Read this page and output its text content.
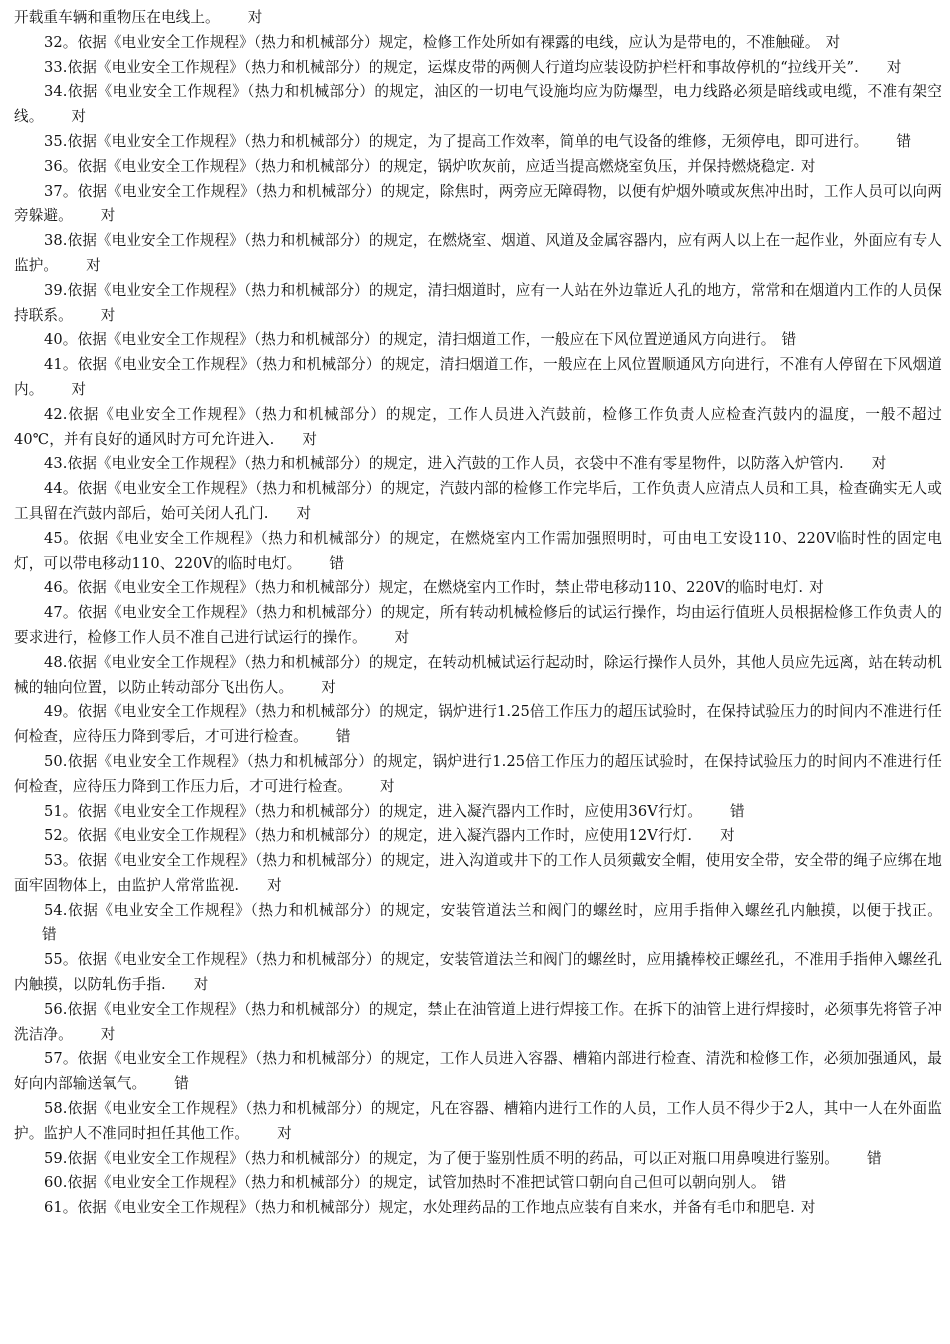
开载重车辆和重物压在电线上。 对

32。依据《电业安全工作规程》（热力和机械部分）规定，检修工作处所如有裸露的电线，应认为是带电的，不准触碰。 对

33.依据《电业安全工作规程》（热力和机械部分）的规定，运煤皮带的两侧人行道均应装设防护栏杆和事故停机的“拉线开关”. 对

34.依据《电业安全工作规程》（热力和机械部分）的规定，油区的一切电气设施均应为防爆型，电力线路必须是暗线或电缆，不准有架空线。 对

35.依据《电业安全工作规程》（热力和机械部分）的规定，为了提高工作效率，简单的电气设备的维修，无须停电，即可进行。 错

36。依据《电业安全工作规程》（热力和机械部分）的规定，锅炉吹灰前，应适当提高燃烧室负压，并保持燃烧稳定. 对

37。依据《电业安全工作规程》（热力和机械部分）的规定，除焦时，两旁应无障碍物，以便有炉烟外喷或灰焦冲出时，工作人员可以向两旁躲避。 对

38.依据《电业安全工作规程》（热力和机械部分）的规定，在燃烧室、烟道、风道及金属容器内，应有两人以上在一起作业，外面应有专人监护。 对

39.依据《电业安全工作规程》（热力和机械部分）的规定，清扫烟道时，应有一人站在外边靠近人孔的地方，常常和在烟道内工作的人员保持联系。 对

40。依据《电业安全工作规程》（热力和机械部分）的规定，清扫烟道工作，一般应在下风位置逆通风方向进行。 错

41。依据《电业安全工作规程》（热力和机械部分）的规定，清扫烟道工作，一般应在上风位置顺通风方向进行，不准有人停留在下风烟道内。 对

42.依据《电业安全工作规程》（热力和机械部分）的规定，工作人员进入汽鼓前，检修工作负责人应检查汽鼓内的温度，一般不超过40℃，并有良好的通风时方可允许进入. 对

43.依据《电业安全工作规程》（热力和机械部分）的规定，进入汽鼓的工作人员，衣袋中不准有零星物件，以防落入炉管内. 对

44。依据《电业安全工作规程》（热力和机械部分）的规定，汽鼓内部的检修工作完毕后，工作负责人应清点人员和工具，检查确实无人或工具留在汽鼓内部后，始可关闭人孔门. 对

45。依据《电业安全工作规程》（热力和机械部分）的规定，在燃烧室内工作需加强照明时，可由电工安设110、220V临时性的固定电灯，可以带电移动110、220V的临时电灯。 错

46。依据《电业安全工作规程》（热力和机械部分）规定，在燃烧室内工作时，禁止带电移动110、220V的临时电灯. 对

47。依据《电业安全工作规程》（热力和机械部分）的规定，所有转动机械检修后的试运行操作，均由运行值班人员根据检修工作负责人的要求进行，检修工作人员不准自己进行试运行的操作。 对

48.依据《电业安全工作规程》（热力和机械部分）的规定，在转动机械试运行起动时，除运行操作人员外，其他人员应先远离，站在转动机械的轴向位置，以防止转动部分飞出伤人。 对

49。依据《电业安全工作规程》（热力和机械部分）的规定，锅炉进行1.25倍工作压力的超压试验时，在保持试验压力的时间内不准进行任何检查，应待压力降到零后，才可进行检查。 错

50.依据《电业安全工作规程》（热力和机械部分）的规定，锅炉进行1.25倍工作压力的超压试验时，在保持试验压力的时间内不准进行任何检查，应待压力降到工作压力后，才可进行检查。 对

51。依据《电业安全工作规程》（热力和机械部分）的规定，进入凝汽器内工作时，应使用36V行灯。 错

52。依据《电业安全工作规程》（热力和机械部分）的规定，进入凝汽器内工作时，应使用12V行灯. 对

53。依据《电业安全工作规程》（热力和机械部分）的规定，进入沟道或井下的工作人员须戴安全帽，使用安全带，安全带的绳子应绑在地面牢固物体上，由监护人常常监视. 对

54.依据《电业安全工作规程》（热力和机械部分）的规定，安装管道法兰和阀门的螺丝时，应用手指伸入螺丝孔内触摸，以便于找正。错

55。依据《电业安全工作规程》（热力和机械部分）的规定，安装管道法兰和阀门的螺丝时，应用撬棒校正螺丝孔，不准用手指伸入螺丝孔内触摸，以防轧伤手指. 对

56.依据《电业安全工作规程》（热力和机械部分）的规定，禁止在油管道上进行焊接工作。在拆下的油管上进行焊接时，必须事先将管子冲洗洁净。 对

57。依据《电业安全工作规程》（热力和机械部分）的规定，工作人员进入容器、槽箱内部进行检查、清洗和检修工作，必须加强通风，最好向内部输送氧气。 错

58.依据《电业安全工作规程》（热力和机械部分）的规定，凡在容器、槽箱内进行工作的人员，工作人员不得少于2人，其中一人在外面监护。监护人不准同时担任其他工作。 对

59.依据《电业安全工作规程》（热力和机械部分）的规定，为了便于鉴别性质不明的药品，可以正对瓶口用鼻嗅进行鉴别。 错

60.依据《电业安全工作规程》（热力和机械部分）的规定，试管加热时不准把试管口朝向自己但可以朝向别人。 错

61。依据《电业安全工作规程》（热力和机械部分）规定，水处理药品的工作地点应装有自来水，并备有毛巾和肥皂. 对
